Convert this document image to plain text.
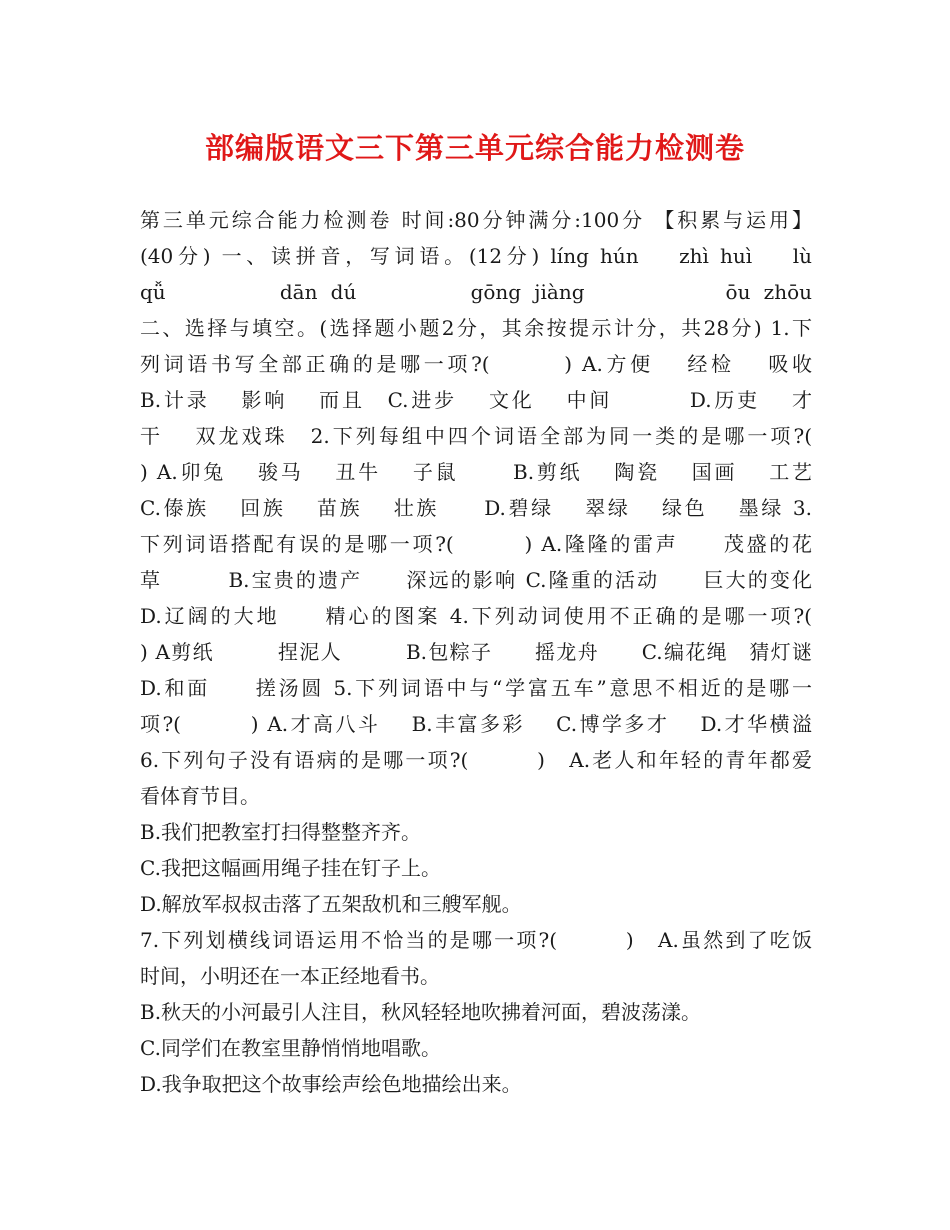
部编版语文三下第三单元综合能力检测卷
第三单元综合能力检测卷 时间:80分钟满分:100分 【积累与运用】
(40分) 一、读拼音，写词语。(12分) líng hún　 zhì huì　 lù
qǚ　　　　dān dú　　　　gōng jiàng　　　　　ōu zhōu
二、选择与填空。(选择题小题2分，其余按提示计分，共28分) 1.下
列词语书写全部正确的是哪一项?(　　　) A.方便　 经检　 吸收
B.计录　 影响　 而且　C.进步　 文化　 中间　　　 D.历吏　 才
干　 双龙戏珠　2.下列每组中四个词语全部为同一类的是哪一项?(
) A.卯兔　 骏马　 丑牛　 子鼠　　 B.剪纸　 陶瓷　 国画　 工艺
C.傣族　 回族　 苗族　 壮族　　D.碧绿　 翠绿　 绿色　 墨绿 3.
下列词语搭配有误的是哪一项?(　　　) A.隆隆的雷声　　茂盛的花
草　　　B.宝贵的遗产　　深远的影响 C.隆重的活动　　巨大的变化
D.辽阔的大地　　精心的图案 4.下列动词使用不正确的是哪一项?(
) A剪纸　　　捏泥人　　　B.包粽子　　摇龙舟　　C.编花绳　猜灯谜
D.和面　　搓汤圆 5.下列词语中与“学富五车”意思不相近的是哪一
项?(　　　) A.才高八斗　 B.丰富多彩　 C.博学多才　 D.才华横溢
6.下列句子没有语病的是哪一项?(　　　)　A.老人和年轻的青年都爱
看体育节目。
B.我们把教室打扫得整整齐齐。
C.我把这幅画用绳子挂在钉子上。
D.解放军叔叔击落了五架敌机和三艘军舰。
7.下列划横线词语运用不恰当的是哪一项?(　　　)　A.虽然到了吃饭
时间，小明还在一本正经地看书。
B.秋天的小河最引人注目，秋风轻轻地吹拂着河面，碧波荡漾。
C.同学们在教室里静悄悄地唱歌。
D.我争取把这个故事绘声绘色地描绘出来。
